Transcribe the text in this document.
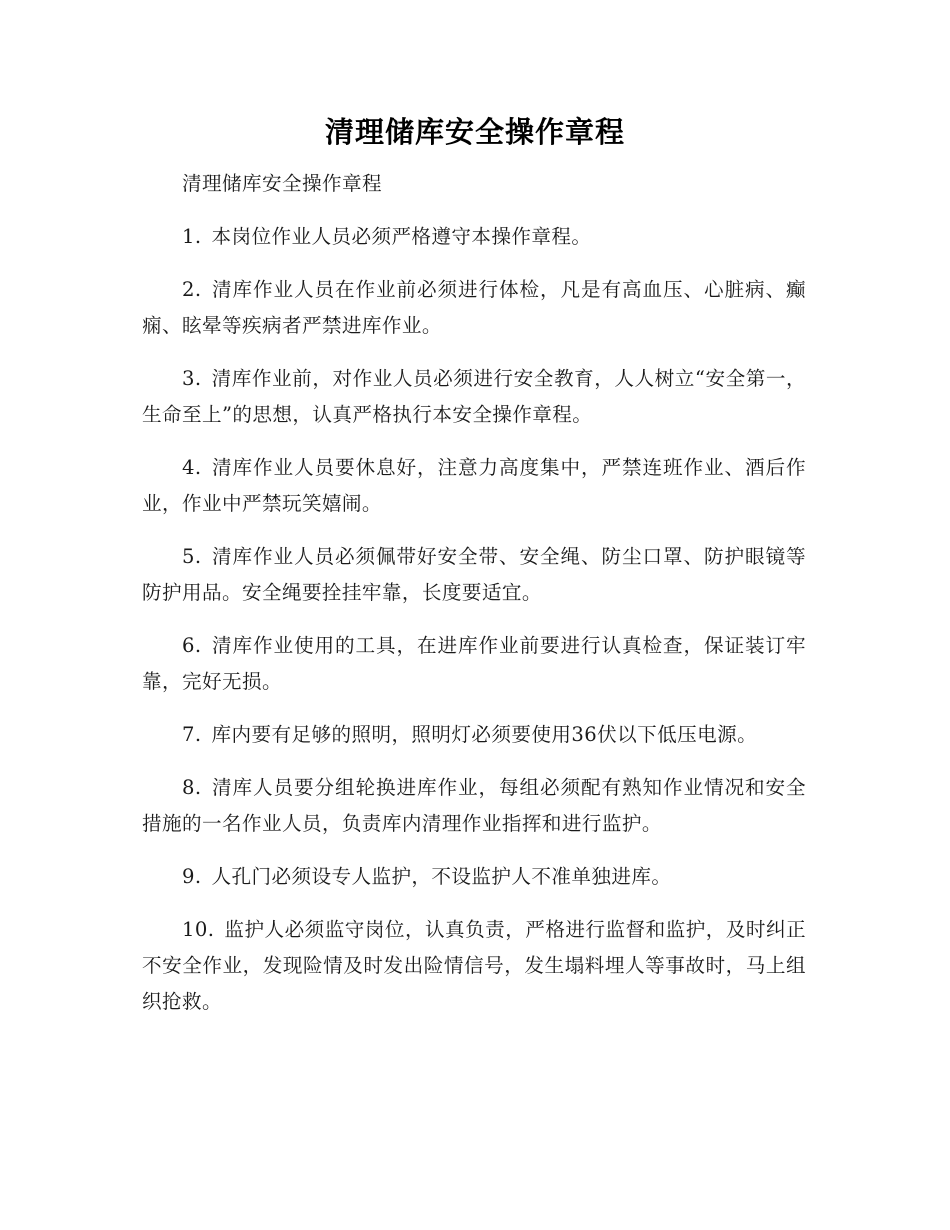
清理储库安全操作章程

清理储库安全操作章程

1. 本岗位作业人员必须严格遵守本操作章程。

2. 清库作业人员在作业前必须进行体检，凡是有高血压、心脏病、癫痫、眩晕等疾病者严禁进库作业。

3. 清库作业前，对作业人员必须进行安全教育，人人树立“安全第一，生命至上”的思想，认真严格执行本安全操作章程。

4. 清库作业人员要休息好，注意力高度集中，严禁连班作业、酒后作业，作业中严禁玩笑嬉闹。

5. 清库作业人员必须佩带好安全带、安全绳、防尘口罩、防护眼镜等防护用品。安全绳要拴挂牢靠，长度要适宜。

6. 清库作业使用的工具，在进库作业前要进行认真检查，保证装订牢靠，完好无损。

7. 库内要有足够的照明，照明灯必须要使用36伏以下低压电源。

8. 清库人员要分组轮换进库作业，每组必须配有熟知作业情况和安全措施的一名作业人员，负责库内清理作业指挥和进行监护。

9. 人孔门必须设专人监护，不设监护人不准单独进库。

10. 监护人必须监守岗位，认真负责，严格进行监督和监护，及时纠正不安全作业，发现险情及时发出险情信号，发生塌料埋人等事故时，马上组织抢救。
